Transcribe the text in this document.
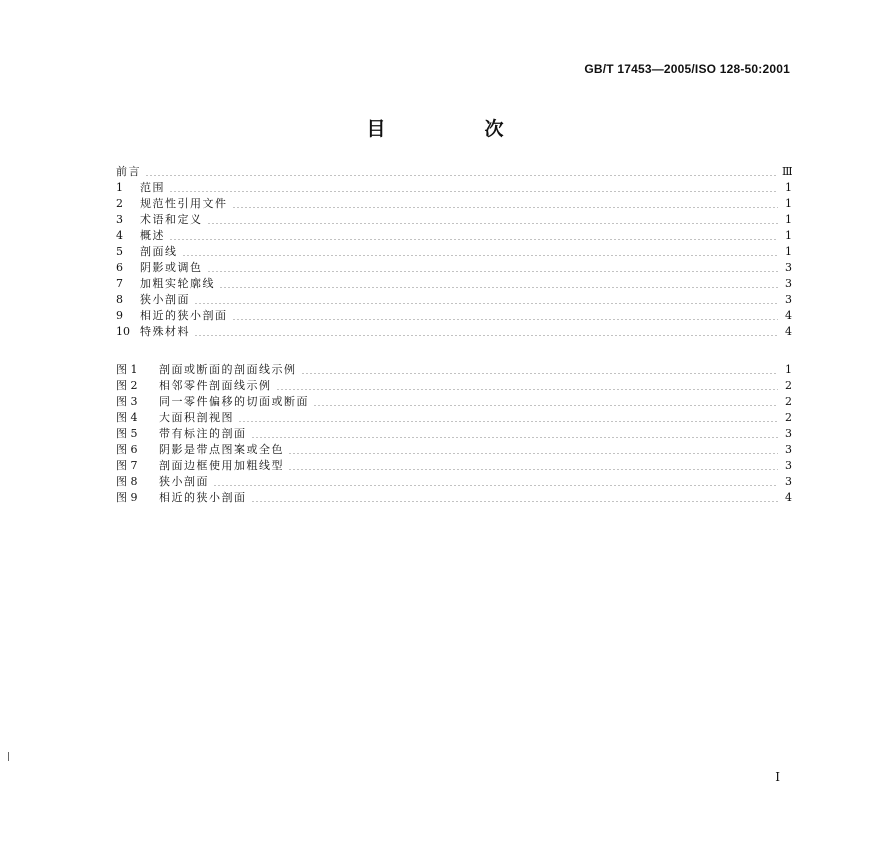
GB/T 17453—2005/ISO 128-50:2001
目　次
前言	Ⅲ
1	范围	1
2	规范性引用文件	1
3	术语和定义	1
4	概述	1
5	剖面线	1
6	阴影或调色	3
7	加粗实轮廓线	3
8	狭小剖面	3
9	相近的狭小剖面	4
10 特殊材料	4
图 1	剖面或断面的剖面线示例	1
图 2	相邻零件剖面线示例	2
图 3	同一零件偏移的切面或断面	2
图 4	大面积剖视图	2
图 5	带有标注的剖面	3
图 6	阴影是带点图案或全色	3
图 7	剖面边框使用加粗线型	3
图 8	狭小剖面	3
图 9	相近的狭小剖面	4
I
